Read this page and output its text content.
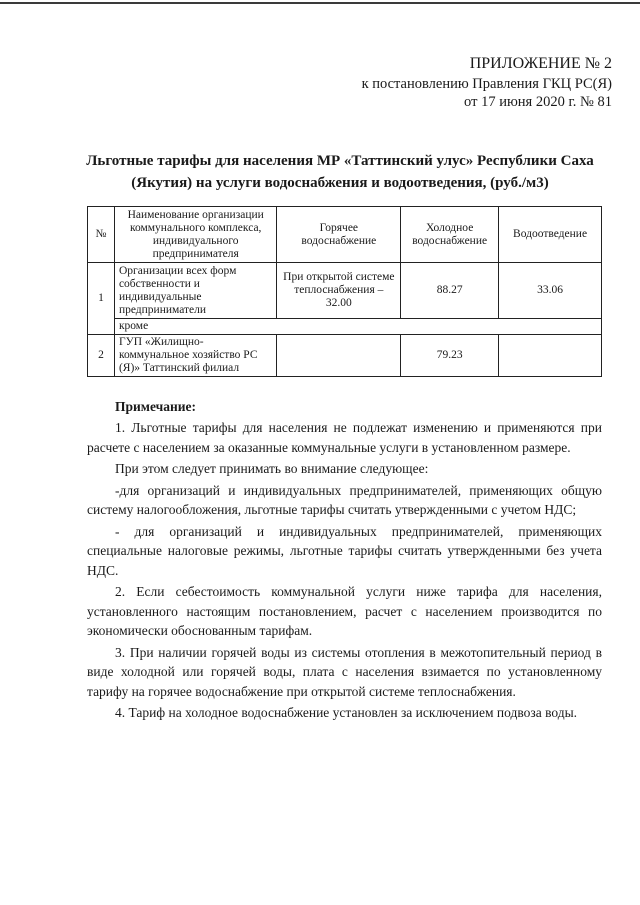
ПРИЛОЖЕНИЕ № 2
к постановлению Правления ГКЦ РС(Я)
от 17 июня 2020 г. № 81
Льготные тарифы для населения МР «Таттинский улус» Республики Саха (Якутия) на услуги водоснабжения и водоотведения, (руб./м3)
№	Наименование организации коммунального комплекса, индивидуального предпринимателя	Горячее водоснабжение	Холодное водоснабжение	Водоотведение
1	Организации всех форм собственности и индивидуальные предприниматели	При открытой системе теплоснабжения – 32.00	88.27	33.06
	кроме			
2	ГУП «Жилищно-коммунальное хозяйство РС (Я)» Таттинский филиал		79.23	
Примечание:

1. Льготные тарифы для населения не подлежат изменению и применяются при расчете с населением за оказанные коммунальные услуги в установленном размере.

При этом следует принимать во внимание следующее:

-для организаций и индивидуальных предпринимателей, применяющих общую систему налогообложения, льготные тарифы считать утвержденными с учетом НДС;

- для организаций и индивидуальных предпринимателей, применяющих специальные налоговые режимы, льготные тарифы считать утвержденными без учета НДС.

2. Если себестоимость коммунальной услуги ниже тарифа для населения, установленного настоящим постановлением, расчет с населением производится по экономически обоснованным тарифам.

3. При наличии горячей воды из системы отопления в межотопительный период в виде холодной или горячей воды, плата с населения взимается по установленному тарифу на горячее водоснабжение при открытой системе теплоснабжения.

4. Тариф на холодное водоснабжение установлен за исключением подвоза воды.
